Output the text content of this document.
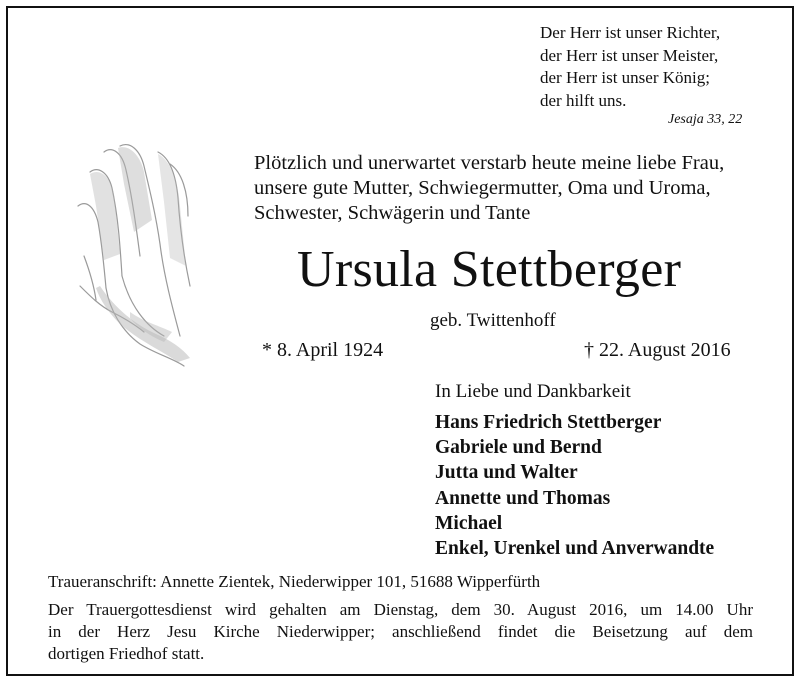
Der Herr ist unser Richter,
der Herr ist unser Meister,
der Herr ist unser König;
der hilft uns.
Jesaja 33, 22
Plötzlich und unerwartet verstarb heute meine liebe Frau,
unsere gute Mutter, Schwiegermutter, Oma und Uroma,
Schwester, Schwägerin und Tante
Ursula Stettberger
geb. Twittenhoff
* 8. April 1924	† 22. August 2016
In Liebe und Dankbarkeit
Hans Friedrich Stettberger
Gabriele und Bernd
Jutta und Walter
Annette und Thomas
Michael
Enkel, Urenkel und Anverwandte
Traueranschrift: Annette Zientek, Niederwipper 101, 51688 Wipperfürth
Der Trauergottesdienst wird gehalten am Dienstag, dem 30. August 2016, um 14.00 Uhr
in der Herz Jesu Kirche Niederwipper; anschließend findet die Beisetzung auf dem
dortigen Friedhof statt.
